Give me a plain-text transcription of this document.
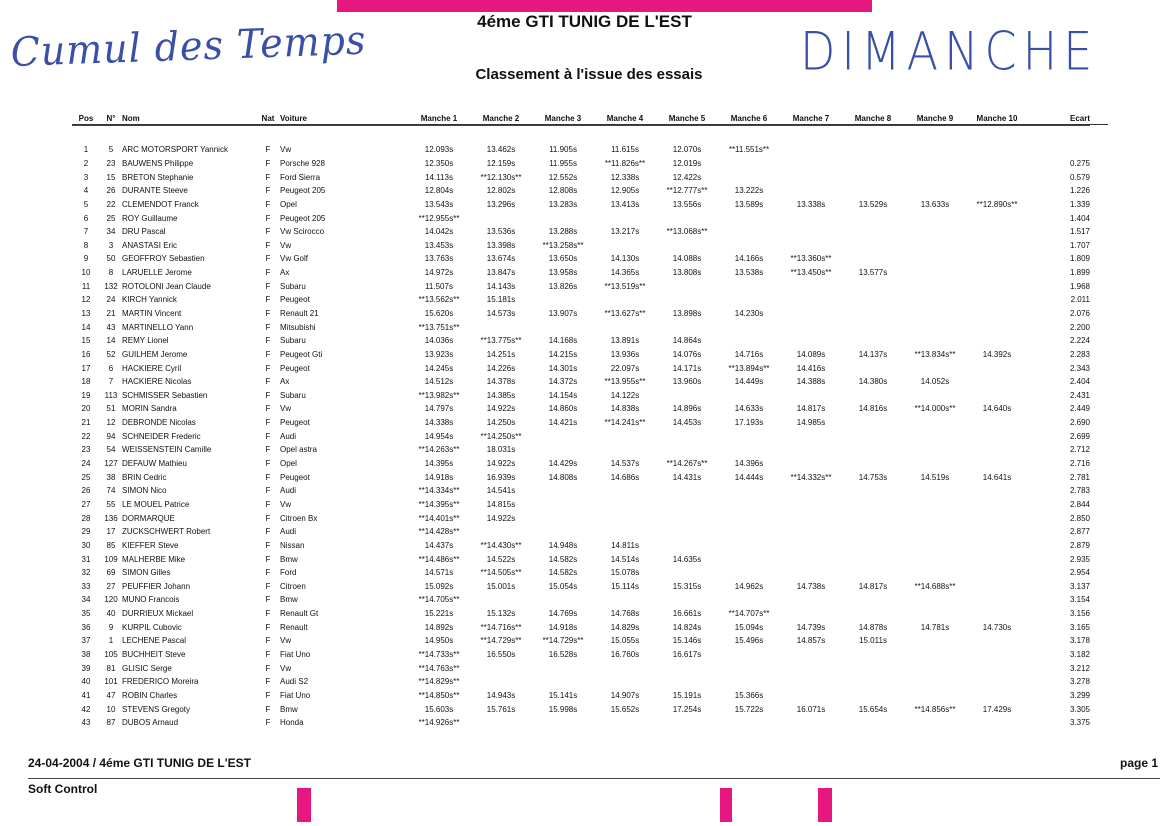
4éme GTI TUNIG DE L'EST
Classement à l'issue des essais
Cumul des Temps	DIMANCHE
Pos	N°	Nom	Nat	Voiture	Manche 1	Manche 2	Manche 3	Manche 4	Manche 5	Manche 6	Manche 7	Manche 8	Manche 9	Manche 10	Ecart

1	5	ARC MOTORSPORT Yannick	F	Vw	12.093s	13.462s	11.905s	11.615s	12.070s	**11.551s**					
2	23	BAUWENS Philippe	F	Porsche 928	12.350s	12.159s	11.955s	**11.826s**	12.019s						0.275
3	15	BRETON Stephanie	F	Ford Sierra	14.113s	**12.130s**	12.552s	12.338s	12.422s						0.579
4	26	DURANTE Steeve	F	Peugeot 205	12.804s	12.802s	12.808s	12.905s	**12.777s**	13.222s					1.226
5	22	CLEMENDOT Franck	F	Opel	13.543s	13.296s	13.283s	13.413s	13.556s	13.589s	13.338s	13.529s	13.633s	**12.890s**	1.339
6	25	ROY Guillaume	F	Peugeot 205	**12.955s**										1.404
7	34	DRU Pascal	F	Vw Scirocco	14.042s	13.536s	13.288s	13.217s	**13.068s**						1.517
8	3	ANASTASI Eric	F	Vw	13.453s	13.398s	**13.258s**								1.707
9	50	GEOFFROY Sebastien	F	Vw Golf	13.763s	13.674s	13.650s	14.130s	14.088s	14.166s	**13.360s**				1.809
10	8	LARUELLE Jerome	F	Ax	14.972s	13.847s	13.958s	14.365s	13.808s	13.538s	**13.450s**	13.577s			1.899
11	132	ROTOLONI Jean Claude	F	Subaru	11.507s	14.143s	13.826s	**13.519s**							1.968
12	24	KIRCH Yannick	F	Peugeot	**13.562s**	15.181s									2.011
13	21	MARTIN Vincent	F	Renault 21	15.620s	14.573s	13.907s	**13.627s**	13.898s	14.230s					2.076
14	43	MARTINELLO Yann	F	Mitsubishi	**13.751s**										2.200
15	14	REMY Lionel	F	Subaru	14.036s	**13.775s**	14.168s	13.891s	14.864s						2.224
16	52	GUILHEM Jerome	F	Peugeot Gti	13.923s	14.251s	14.215s	13.936s	14.076s	14.716s	14.089s	14.137s	**13.834s**	14.392s	2.283
17	6	HACKIERE Cyril	F	Peugeot	14.245s	14.226s	14.301s	22.097s	14.171s	**13.894s**	14.416s				2.343
18	7	HACKIERE Nicolas	F	Ax	14.512s	14.378s	14.372s	**13.955s**	13.960s	14.449s	14.388s	14.380s	14.052s		2.404
19	113	SCHMISSER Sebastien	F	Subaru	**13.982s**	14.385s	14.154s	14.122s							2.431
20	51	MORIN Sandra	F	Vw	14.797s	14.922s	14.860s	14.838s	14.896s	14.633s	14.817s	14.816s	**14.000s**	14.640s	2.449
21	12	DEBRONDE Nicolas	F	Peugeot	14.338s	14.250s	14.421s	**14.241s**	14.453s	17.193s	14.985s				2.690
22	94	SCHNEIDER Frederic	F	Audi	14.954s	**14.250s**									2.699
23	54	WEISSENSTEIN Camille	F	Opel astra	**14.263s**	18.031s									2.712
24	127	DEFAUW Mathieu	F	Opel	14.395s	14.922s	14.429s	14.537s	**14.267s**	14.396s					2.716
25	38	BRIN Cedric	F	Peugeot	14.918s	16.939s	14.808s	14.686s	14.431s	14.444s	**14.332s**	14.753s	14.519s	14.641s	2.781
26	74	SIMON Nico	F	Audi	**14.334s**	14.541s									2.783
27	55	LE MOUEL Patrice	F	Vw	**14.395s**	14.815s									2.844
28	136	DORMARQUE	F	Citroen Bx	**14.401s**	14.922s									2.850
29	17	ZUCKSCHWERT Robert	F	Audi	**14.428s**										2.877
30	85	KIEFFER Steve	F	Nissan	14.437s	**14.430s**	14.948s	14.811s							2.879
31	109	MALHERBE Mike	F	Bmw	**14.486s**	14.522s	14.582s	14.514s	14.635s						2.935
32	69	SIMON Gilles	F	Ford	14.571s	**14.505s**	14.582s	15.078s							2.954
33	27	PEUFFIER Johann	F	Citroen	15.092s	15.001s	15.054s	15.114s	15.315s	14.962s	14.738s	14.817s	**14.688s**		3.137
34	120	MUNO Francois	F	Bmw	**14.705s**										3.154
35	40	DURRIEUX Mickael	F	Renault Gt	15.221s	15.132s	14.769s	14.768s	16.661s	**14.707s**					3.156
36	9	KURPIL Cubovic	F	Renault	14.892s	**14.716s**	14.918s	14.829s	14.824s	15.094s	14.739s	14.878s	14.781s	14.730s	3.165
37	1	LECHENE Pascal	F	Vw	14.950s	**14.729s**	**14.729s**	15.055s	15.146s	15.496s	14.857s	15.011s			3.178
38	105	BUCHHEIT Steve	F	Fiat Uno	**14.733s**	16.550s	16.528s	16.760s	16.617s						3.182
39	81	GLISIC Serge	F	Vw	**14.763s**										3.212
40	101	FREDERICO Moreira	F	Audi S2	**14.829s**										3.278
41	47	ROBIN Charles	F	Fiat Uno	**14.850s**	14.943s	15.141s	14.907s	15.191s	15.366s					3.299
42	10	STEVENS Gregoty	F	Bmw	15.603s	15.761s	15.998s	15.652s	17.254s	15.722s	16.071s	15.654s	**14.856s**	17.429s	3.305
43	87	DUBOS Arnaud	F	Honda	**14.926s**										3.375
24-04-2004 / 4éme GTI TUNIG DE L'EST	page 1
Soft Control
